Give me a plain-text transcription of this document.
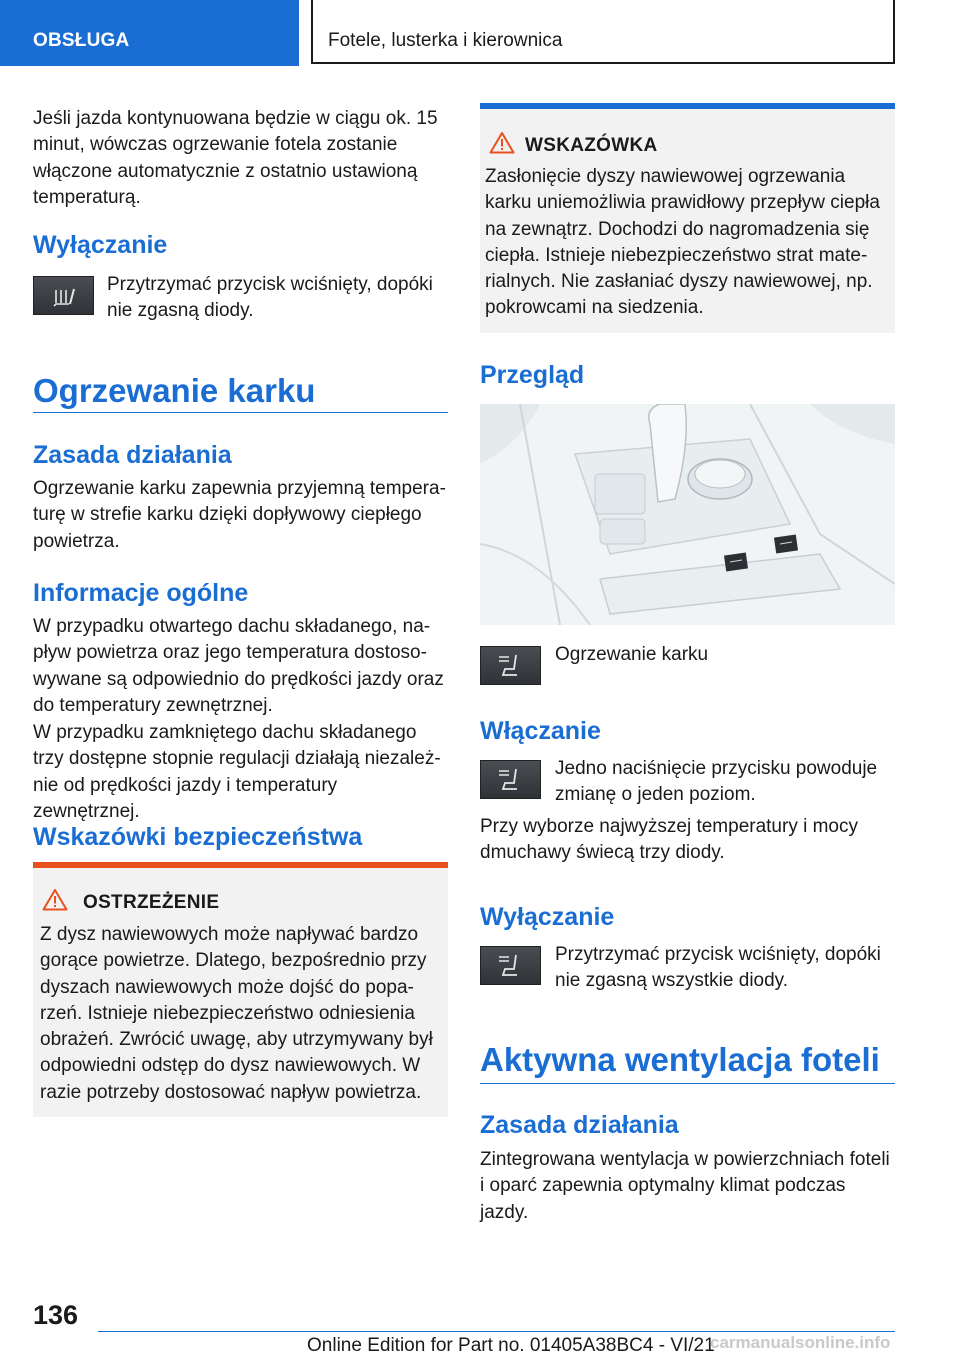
OBSŁUGA	Fotele, lusterka i kierownica

Jeśli jazda kontynuowana będzie w ciągu ok. 15 minut, wówczas ogrzewanie fotela zostanie włączone automatycznie z ostatnio ustawioną temperaturą.

Wyłączanie

Przytrzymać przycisk wciśnięty, dopóki nie zgasną diody.

Ogrzewanie karku
Zasada działania

Ogrzewanie karku zapewnia przyjemną tempera‐turę w strefie karku dzięki dopływowy ciepłego powietrza.

Informacje ogólne

W przypadku otwartego dachu składanego, na‐pływ powietrza oraz jego temperatura dostoso‐wywane są odpowiednio do prędkości jazdy oraz do temperatury zewnętrznej.

W przypadku zamkniętego dachu składanego trzy dostępne stopnie regulacji działają niezależ‐nie od prędkości jazdy i temperatury zewnętrznej.

Wskazówki bezpieczeństwa
OSTRZEŻENIE

Z dysz nawiewowych może napływać bardzo gorące powietrze. Dlatego, bezpośrednio przy dyszach nawiewowych może dojść do popa‐rzeń. Istnieje niebezpieczeństwo odniesienia obrażeń. Zwrócić uwagę, aby utrzymywany był odpowiedni odstęp do dysz nawiewowych. W razie potrzeby dostosować napływ powietrza.

WSKAZÓWKA

Zasłonięcie dyszy nawiewowej ogrzewania karku uniemożliwia prawidłowy przepływ ciepła na zewnątrz. Dochodzi do nagromadzenia się ciepła. Istnieje niebezpieczeństwo strat mate‐rialnych. Nie zasłaniać dyszy nawiewowej, np. pokrowcami na siedzenia.

Przegląd

Ogrzewanie karku

Włączanie

Jedno naciśnięcie przycisku powoduje zmianę o jeden poziom.

Przy wyborze najwyższej temperatury i mocy dmuchawy świecą trzy diody.

Wyłączanie

Przytrzymać przycisk wciśnięty, dopóki nie zgasną wszystkie diody.

Aktywna wentylacja foteli
Zasada działania

Zintegrowana wentylacja w powierzchniach foteli i oparć zapewnia optymalny klimat podczas jazdy.

136
Online Edition for Part no. 01405A38BC4 - VI/21
carmanualsonline.info
